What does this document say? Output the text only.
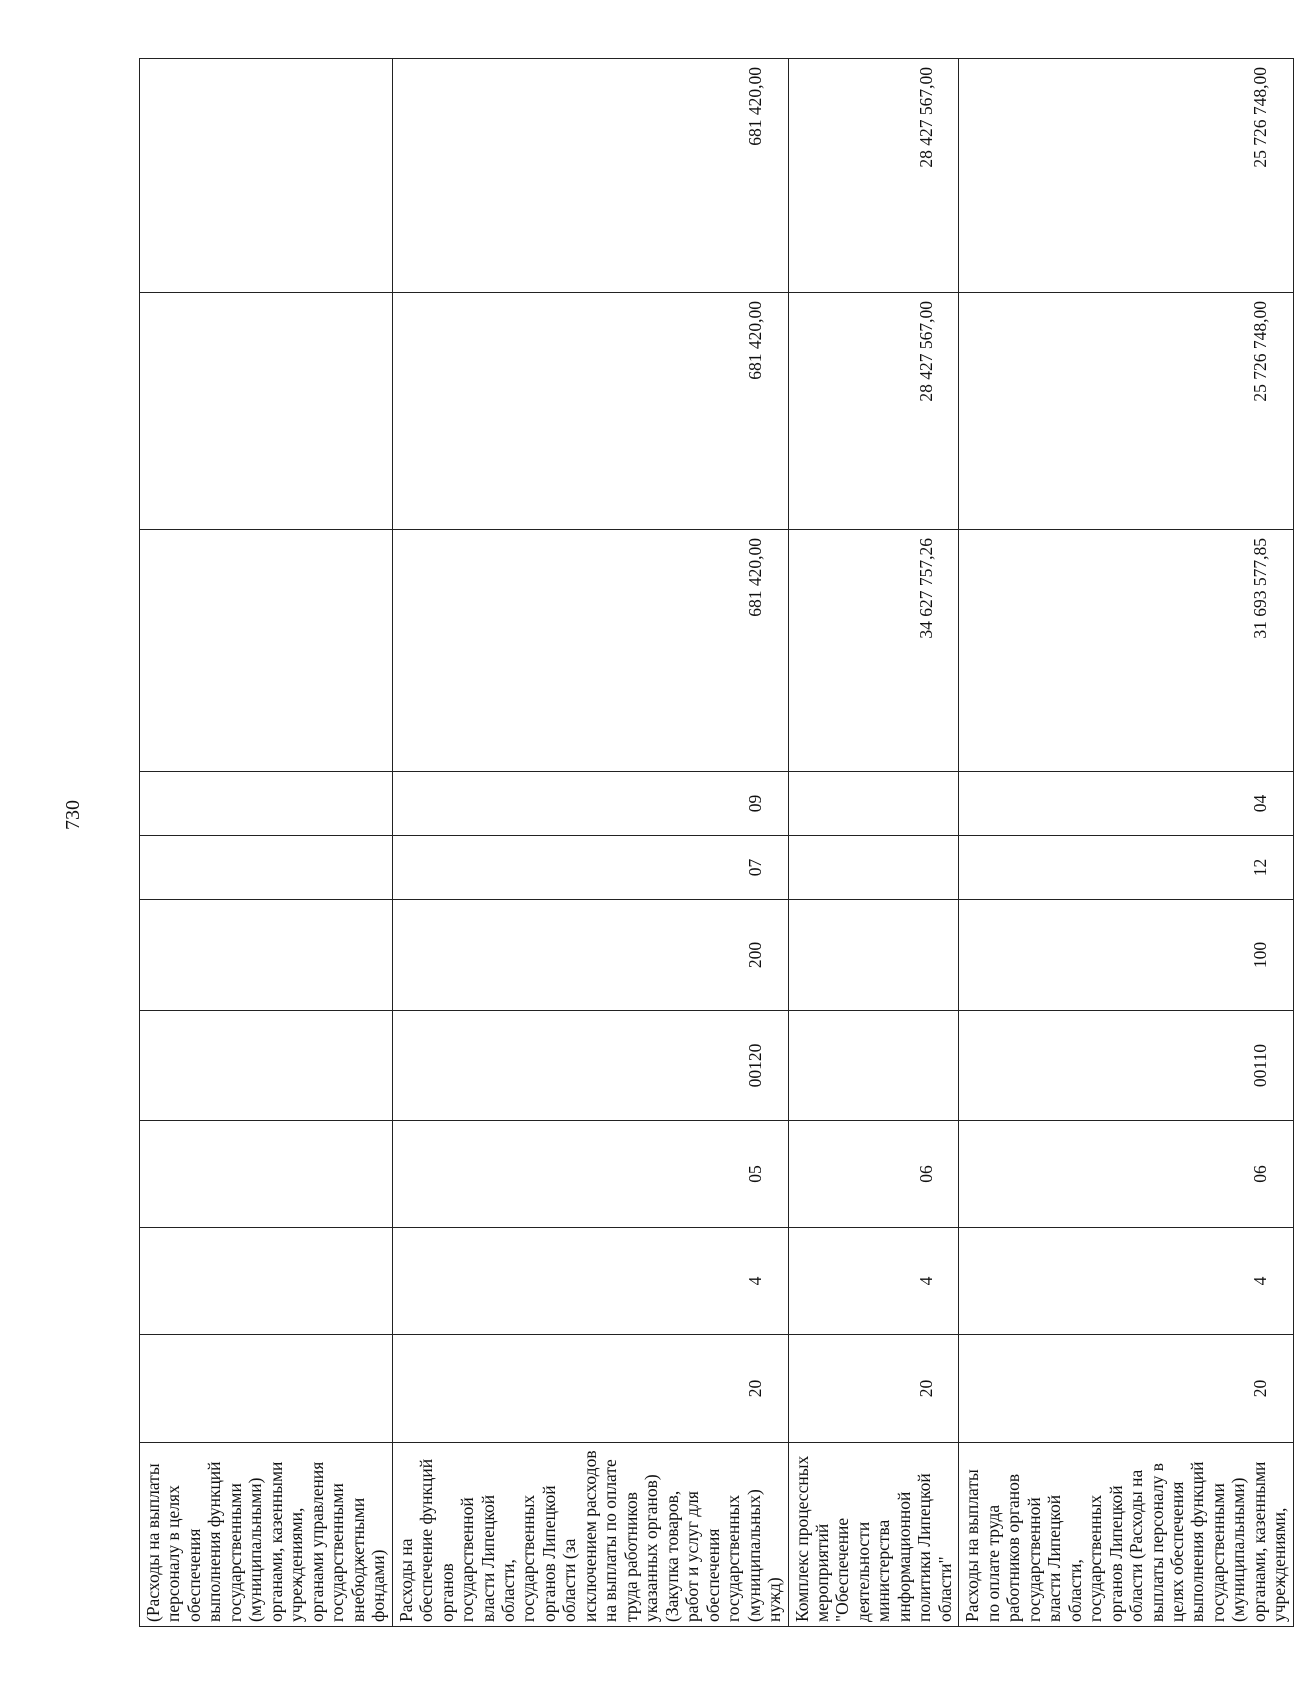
730
(Расходы на выплаты персоналу в целях обеспечения выполнения функций государственными (муниципальными) органами, казенными учреждениями, органами управления государственными внебюджетными фондами)										
Расходы на обеспечение функций органов государственной власти Липецкой области, государственных органов Липецкой области (за исключением расходов на выплаты по оплате труда работников указанных органов) (Закупка товаров, работ и услуг для обеспечения государственных (муниципальных) нужд)	20	4	05	00120	200	07	09	681 420,00	681 420,00	681 420,00
Комплекс процессных мероприятий "Обеспечение деятельности министерства информационной политики Липецкой области"	20	4	06					34 627 757,26	28 427 567,00	28 427 567,00
Расходы на выплаты по оплате труда работников органов государственной власти Липецкой области, государственных органов Липецкой области (Расходы на выплаты персоналу в целях обеспечения выполнения функций государственными (муниципальными) органами, казенными учреждениями,	20	4	06	00110	100	12	04	31 693 577,85	25 726 748,00	25 726 748,00
